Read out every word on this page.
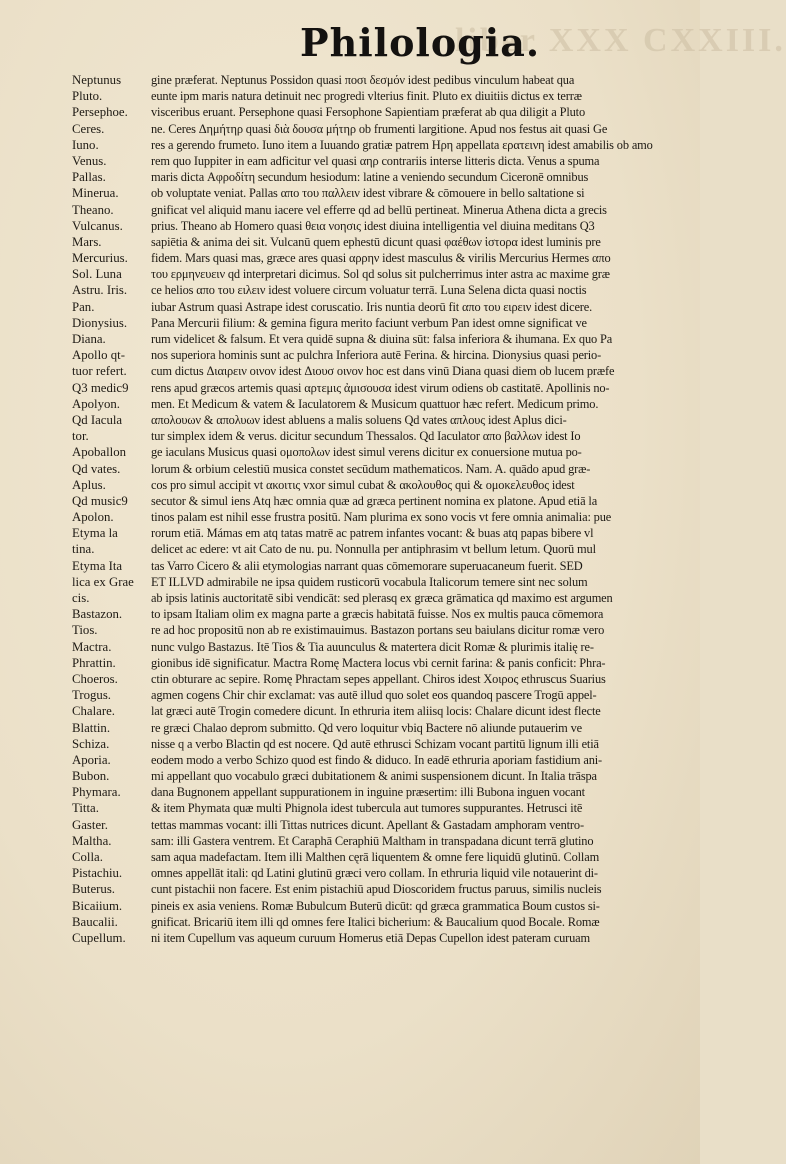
liber XXX CXXIII.
Philologia.
Neptunus
Pluto.
Persephoe.
Ceres.
Iuno.
Venus.
Pallas.
Minerua.
Theano.
Vulcanus.
Mars.
Mercurius.
Sol. Luna
Astru. Iris.
Pan.
Dionysius.
Diana.
Apollo qt-
tuor refert.
Q3 medic9
Apolyon.
Qd Iacula
tor.
Apoballon
Qd vates.
Aplus.
Qd music9
Apolon.
Etyma la
tina.
Etyma Ita
lica ex Grae
cis.
Bastazon.
Tios.
Mactra.
Phrattin.
Choeros.
Trogus.
Chalare.
Blattin.
Schiza.
Aporia.
Bubon.
Phymara.
Titta.
Gaster.
Maltha.
Colla.
Pistachiu.
Buterus.
Bicaiium.
Baucalii.
Cupellum.
gine præferat. Neptunus Possidon quasi ποσι δεσμόν idest pedibus vinculum habeat qua
eunte ipm maris natura detinuit nec progredi vlterius finit. Pluto ex diuitiis dictus ex terræ
visceribus eruant. Persephone quasi Fersophone Sapientiam præferat ab qua diligit a Pluto
ne. Ceres Δημήτηρ quasi διὰ δουσα μήτηρ ob frumenti largitione. Apud nos festus ait quasi Ge
res a gerendo frumeto. Iuno item a Iuuando gratiæ patrem Ηρη appellata ερατεινη idest amabilis ob amo
rem quo Iuppiter in eam adficitur vel quasi αηρ contrariis interse litteris dicta. Venus a spuma
maris dicta Αφροδίτη secundum hesiodum: latine a veniendo secundum Ciceronē omnibus
ob voluptate veniat. Pallas απο του παλλειν idest vibrare & cōmouere in bello saltatione si
gnificat vel aliquid manu iacere vel efferre qd ad bellū pertineat. Minerua Athena dicta a grecis
prius. Theano ab Homero quasi θεια νοησις idest diuina intelligentia vel diuina meditans Q3
sapiētia & anima dei sit. Vulcanū quem ephestū dicunt quasi φαέθων ἱστορα idest luminis pre
fidem. Mars quasi mas, græce ares quasi αρρην idest masculus & virilis Mercurius Hermes απο
του ερμηνευειν qd interpretari dicimus. Sol qd solus sit pulcherrimus inter astra ac maxime græ
ce helios απο του ειλειν idest voluere circum voluatur terrā. Luna Selena dicta quasi noctis
iubar Astrum quasi Astrape idest coruscatio. Iris nuntia deorū fit απο του ειρειν idest dicere.
Pana Mercurii filium: & gemina figura merito faciunt verbum Pan idest omne significat ve
rum videlicet & falsum. Et vera quidē supna & diuina sūt: falsa inferiora & ihumana. Ex quo Pa
nos superiora hominis sunt ac pulchra Inferiora autē Ferina. & hircina. Dionysius quasi perio-
cum dictus Διαιρειν οινον idest Διουσ οινον hoc est dans vinū Diana quasi diem ob lucem præfe
rens apud græcos artemis quasi αρτεμις ἀμισουσα idest virum odiens ob castitatē. Apollinis no-
men. Et Medicum & vatem & Iaculatorem & Musicum quattuor hæc refert. Medicum primo.
απολουων & απολυων idest abluens a malis soluens Qd vates απλους idest Aplus dici-
tur simplex idem & verus. dicitur secundum Thessalos. Qd Iaculator απο βαλλων idest Io
ge iaculans Musicus quasi ομοπολων idest simul verens dicitur ex conuersione mutua po-
lorum & orbium celestiū musica constet secūdum mathematicos. Nam. A. quādo apud græ-
cos pro simul accipit vt ακοιτις vxor simul cubat & ακολουθος qui & ομοκελευθος idest
secutor & simul iens Atq hæc omnia quæ ad græca pertinent nomina ex platone. Apud etiā la
tinos palam est nihil esse frustra positū. Nam plurima ex sono vocis vt fere omnia animalia: pue
rorum etiā. Mámas em atq tatas matrē ac patrem infantes vocant: & buas atq papas bibere vl
delicet ac edere: vt ait Cato de nu. pu. Nonnulla per antiphrasim vt bellum letum. Quorū mul
tas Varro Cicero & alii etymologias narrant quas cōmemorare superuacaneum fuerit. SED
ET ILLVD admirabile ne ipsa quidem rusticorū vocabula Italicorum temere sint nec solum
ab ipsis latinis auctoritatē sibi vendicāt: sed plerasq ex græca grāmatica qd maximo est argumen
to ipsam Italiam olim ex magna parte a græcis habitatā fuisse. Nos ex multis pauca cōmemora
re ad hoc propositū non ab re existimauimus. Bastazon portans seu baiulans dicitur romæ vero
nunc vulgo Bastazus. Itē Tios & Tia auunculus & matertera dicit Romæ & plurimis italię re-
gionibus idē significatur. Mactra Romę Mactera locus vbi cernit farina: & panis conficit: Phra-
ctin obturare ac sepire. Romę Phractam sepes appellant. Chiros idest Χοιρος ethruscus Suarius
agmen cogens Chir chir exclamat: vas autē illud quo solet eos quandoq pascere Trogū appel-
lat græci autē Trogin comedere dicunt. In ethruria item aliisq locis: Chalare dicunt idest flecte
re græci Chalao deprom submitto. Qd vero loquitur vbiq Bactere nō aliunde putauerim ve
nisse q a verbo Blactin qd est nocere. Qd autē ethrusci Schizam vocant partitū lignum illi etiā
eodem modo a verbo Schizo quod est findo & diduco. In eadē ethruria aporiam fastidium ani-
mi appellant quo vocabulo græci dubitationem & animi suspensionem dicunt. In Italia trāspa
dana Bugnonem appellant suppurationem in inguine præsertim: illi Bubona inguen vocant
& item Phymata quæ multi Phignola idest tubercula aut tumores suppurantes. Hetrusci itē
tettas mammas vocant: illi Tittas nutrices dicunt. Apellant & Gastadam amphoram ventro-
sam: illi Gastera ventrem. Et Caraphā Ceraphiū Maltham in transpadana dicunt terrā glutino
sam aqua madefactam. Item illi Malthen cęrā liquentem & omne fere liquidū glutinū. Collam
omnes appellāt itali: qd Latini glutinū græci vero collam. In ethruria liquid vile notauerint di-
cunt pistachii non facere. Est enim pistachiū apud Dioscoridem fructus paruus, similis nucleis
pineis ex asia veniens. Romæ Bubulcum Buterū dicūt: qd græca grammatica Boum custos si-
gnificat. Bricariū item illi qd omnes fere Italici bicherium: & Baucalium quod Bocale. Romæ
ni item Cupellum vas aqueum curuum Homerus etiā Depas Cupellon idest pateram curuam
